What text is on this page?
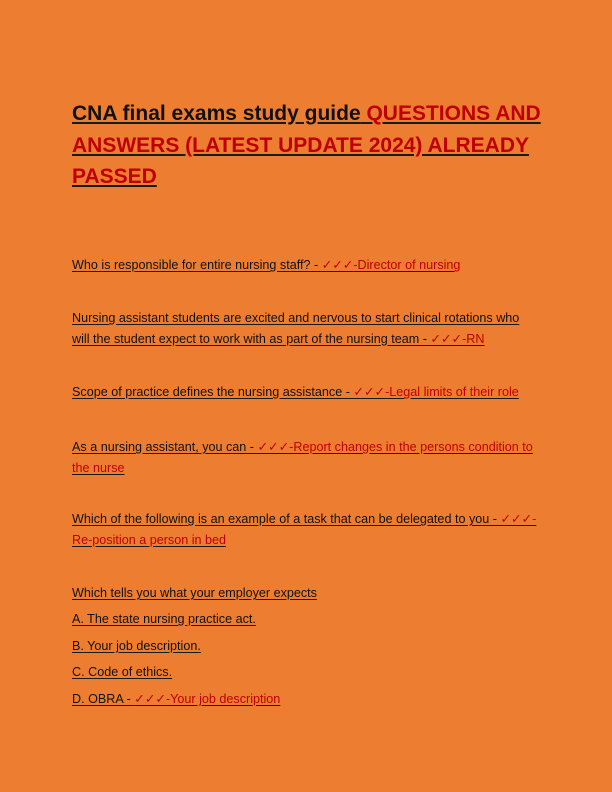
CNA final exams study guide QUESTIONS AND ANSWERS (LATEST UPDATE 2024) ALREADY PASSED

Who is responsible for entire nursing staff? - ✓✓✓-Director of nursing

Nursing assistant students are excited and nervous to start clinical rotations who will the student expect to work with as part of the nursing team - ✓✓✓-RN

Scope of practice defines the nursing assistance - ✓✓✓-Legal limits of their role

As a nursing assistant, you can - ✓✓✓-Report changes in the persons condition to the nurse

Which of the following is an example of a task that can be delegated to you - ✓✓✓-Re-position a person in bed

Which tells you what your employer expects

A. The state nursing practice act.

B. Your job description.

C. Code of ethics.

D. OBRA - ✓✓✓-Your job description
